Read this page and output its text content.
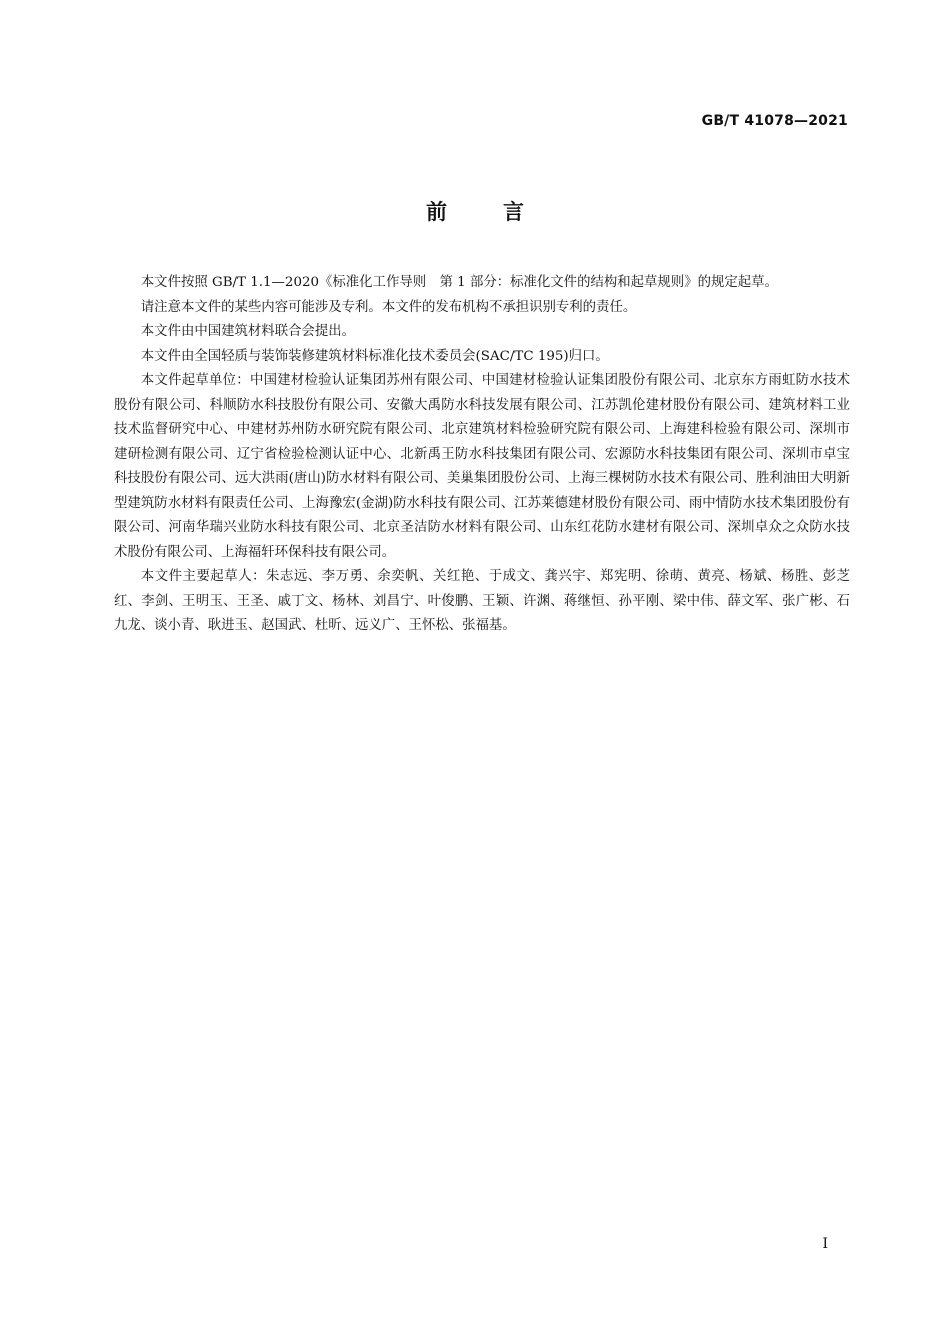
GB/T 41078—2021
前言

本文件按照 GB/T 1.1—2020《标准化工作导则　第 1 部分：标准化文件的结构和起草规则》的规定起草。

请注意本文件的某些内容可能涉及专利。本文件的发布机构不承担识别专利的责任。

本文件由中国建筑材料联合会提出。

本文件由全国轻质与装饰装修建筑材料标准化技术委员会(SAC/TC 195)归口。

本文件起草单位：中国建材检验认证集团苏州有限公司、中国建材检验认证集团股份有限公司、北京东方雨虹防水技术股份有限公司、科顺防水科技股份有限公司、安徽大禹防水科技发展有限公司、江苏凯伦建材股份有限公司、建筑材料工业技术监督研究中心、中建材苏州防水研究院有限公司、北京建筑材料检验研究院有限公司、上海建科检验有限公司、深圳市建研检测有限公司、辽宁省检验检测认证中心、北新禹王防水科技集团有限公司、宏源防水科技集团有限公司、深圳市卓宝科技股份有限公司、远大洪雨(唐山)防水材料有限公司、美巢集团股份公司、上海三棵树防水技术有限公司、胜利油田大明新型建筑防水材料有限责任公司、上海豫宏(金湖)防水科技有限公司、江苏莱德建材股份有限公司、雨中情防水技术集团股份有限公司、河南华瑞兴业防水科技有限公司、北京圣洁防水材料有限公司、山东红花防水建材有限公司、深圳卓众之众防水技术股份有限公司、上海福轩环保科技有限公司。

本文件主要起草人：朱志远、李万勇、余奕帆、关红艳、于成文、龚兴宇、郑宪明、徐萌、黄亮、杨斌、杨胜、彭芝红、李剑、王明玉、王圣、戚丁文、杨林、刘昌宁、叶俊鹏、王颖、许渊、蒋继恒、孙平刚、梁中伟、薛文军、张广彬、石九龙、谈小青、耿进玉、赵国武、杜昕、远义广、王怀松、张福基。

I
